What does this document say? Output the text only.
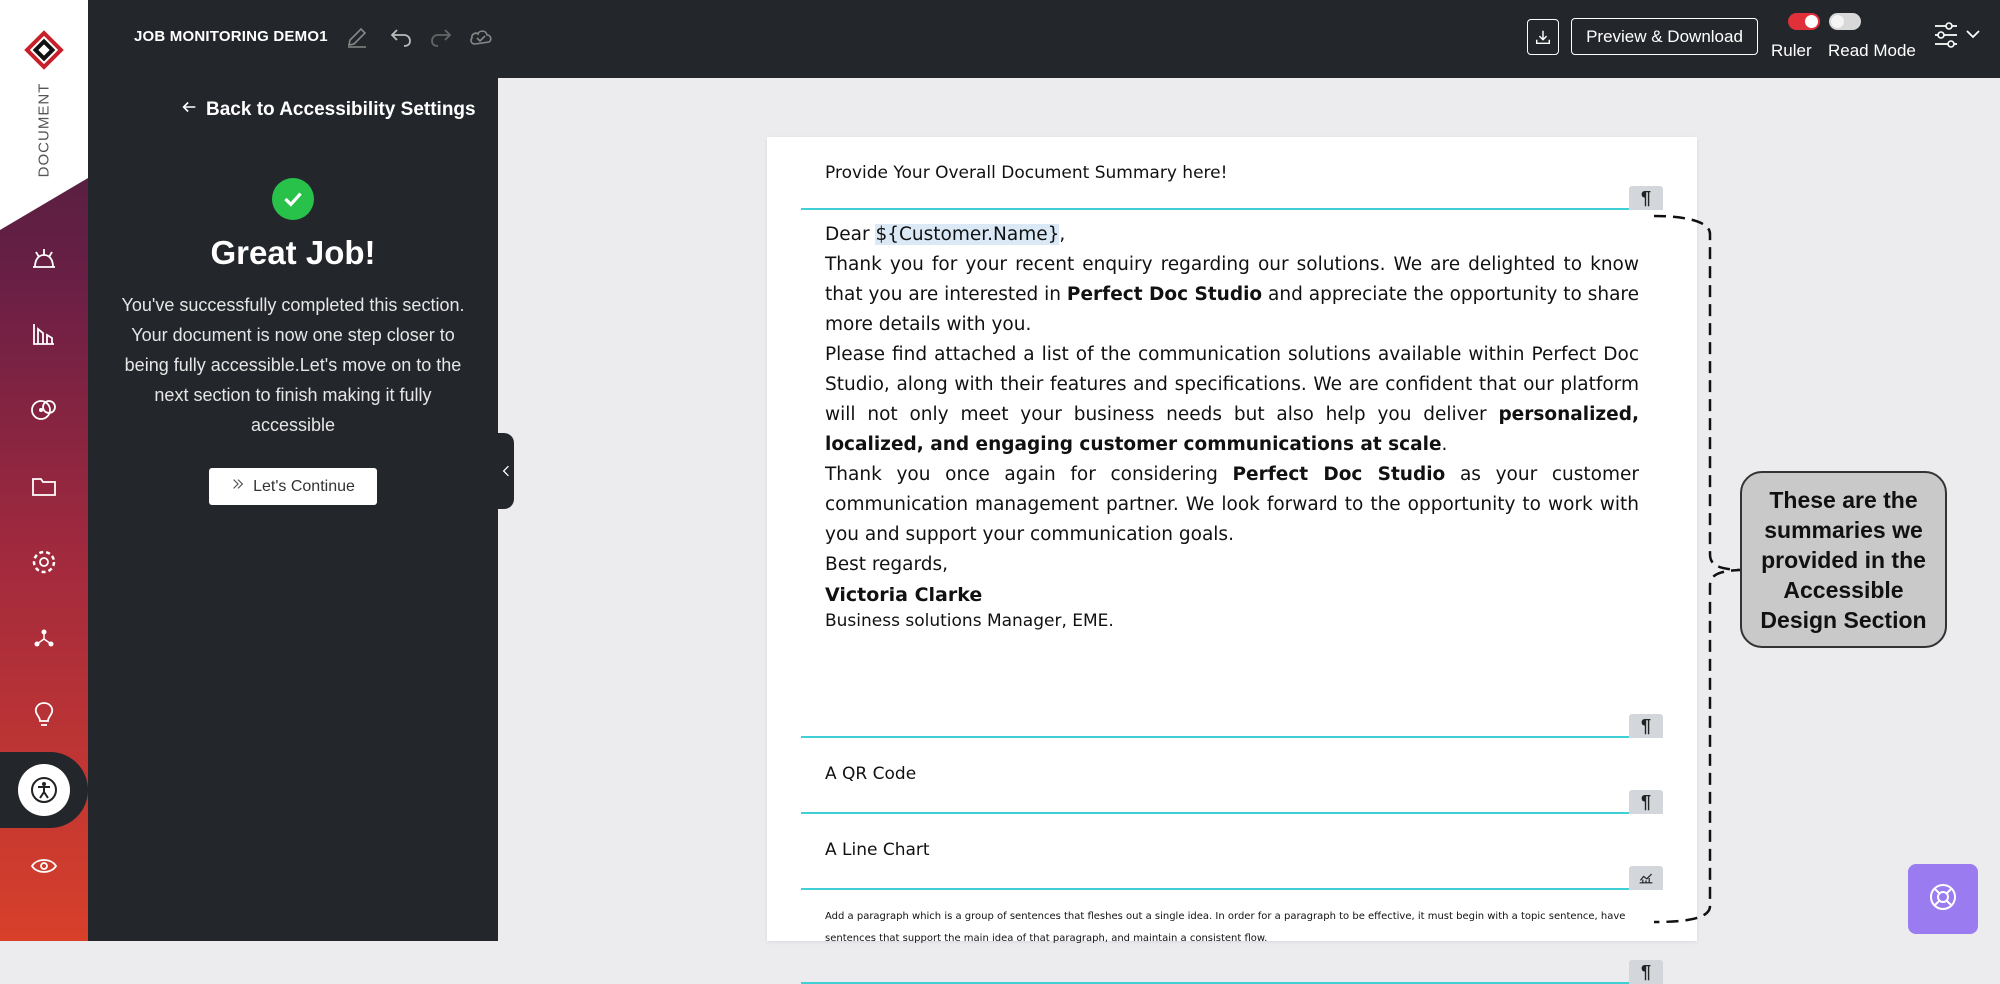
DOCUMENT
JOB MONITORING DEMO1	Preview & Download
Ruler Read Mode
Back to Accessibility Settings
Great Job!
You've successfully completed this section. Your document is now one step closer to being fully accessible.Let's move on to the next section to finish making it fully accessible
Let's Continue
Provide Your Overall Document Summary here!
¶

Dear ${Customer.Name},

Thank you for your recent enquiry regarding our solutions. We are delighted to know that you are interested in Perfect Doc Studio and appreciate the opportunity to share more details with you.

Please find attached a list of the communication solutions available within Perfect Doc Studio, along with their features and specifications. We are confident that our platform will not only meet your business needs but also help you deliver personalized, localized, and engaging customer communications at scale.

Thank you once again for considering Perfect Doc Studio as your customer communication management partner. We look forward to the opportunity to work with you and support your communication goals.

Best regards,

Victoria Clarke

Business solutions Manager, EME.

¶
A QR Code
¶
A Line Chart
Add a paragraph which is a group of sentences that fleshes out a single idea. In order for a paragraph to be effective, it must begin with a topic sentence, have sentences that support the main idea of that paragraph, and maintain a consistent flow.
¶
These are the summaries we provided in the Accessible Design Section
